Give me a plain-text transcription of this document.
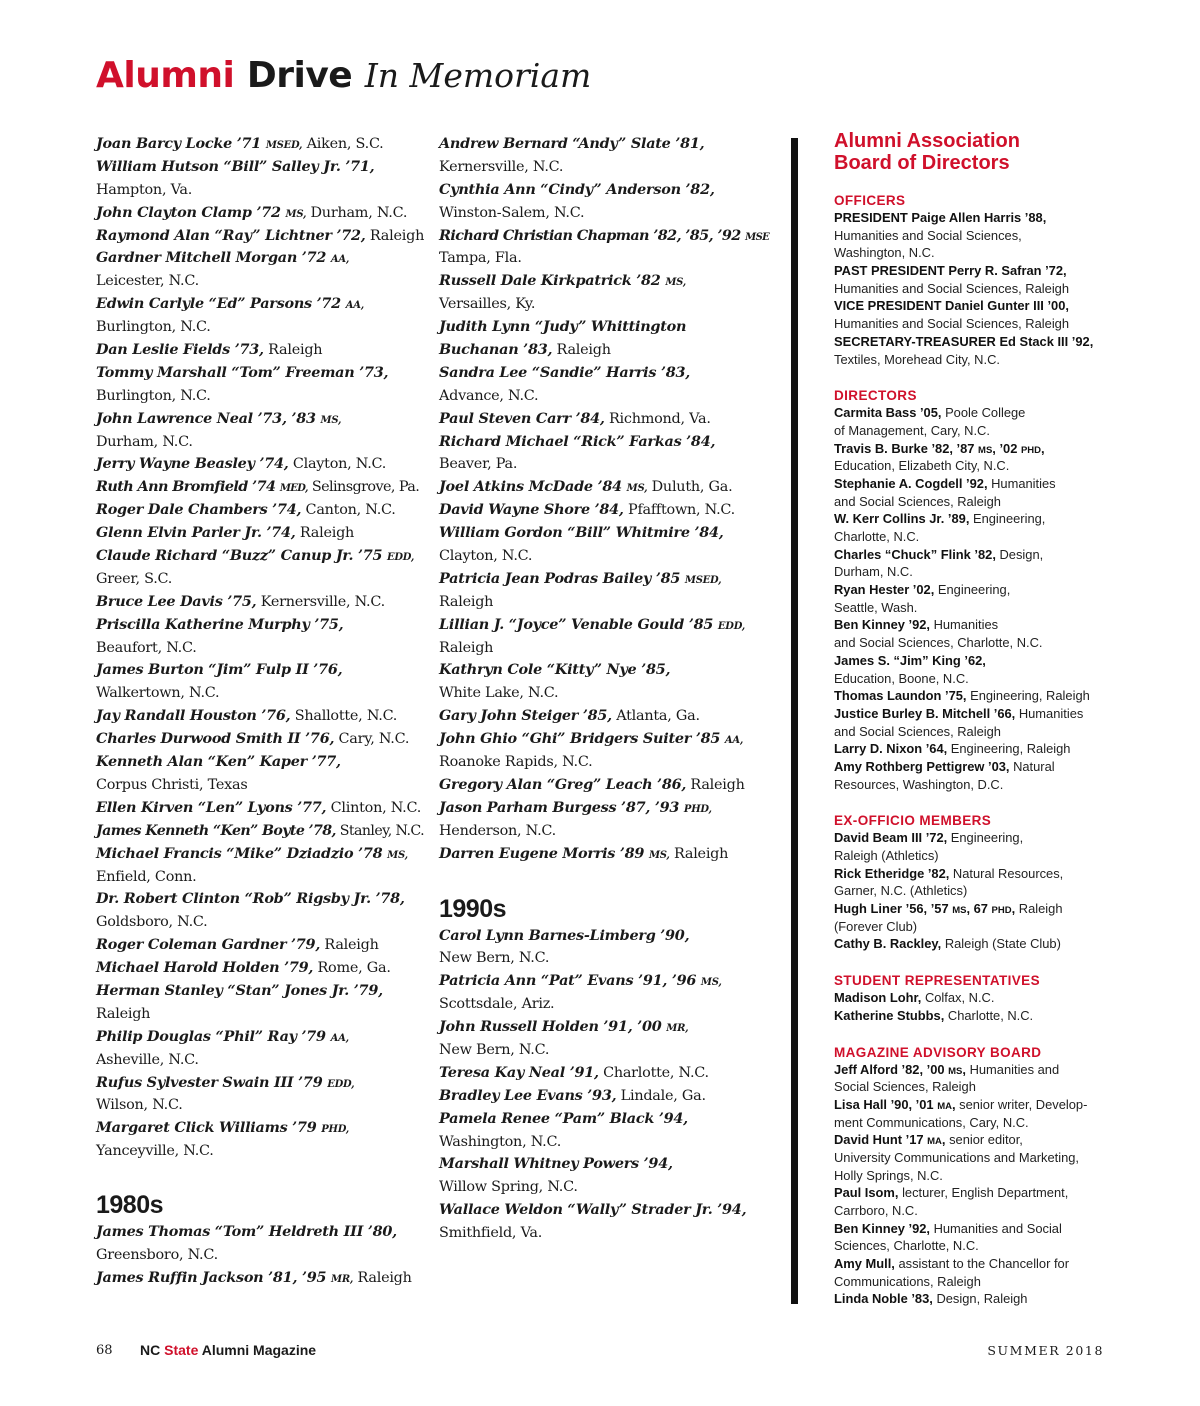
Alumni Drive In Memoriam
Joan Barcy Locke ’71 MSED, Aiken, S.C.
William Hutson “Bill” Salley Jr. ’71,
Hampton, Va.
John Clayton Clamp ’72 MS, Durham, N.C.
Raymond Alan “Ray” Lichtner ’72, Raleigh
Gardner Mitchell Morgan ’72 AA,
Leicester, N.C.
Edwin Carlyle “Ed” Parsons ’72 AA,
Burlington, N.C.
Dan Leslie Fields ’73, Raleigh
Tommy Marshall “Tom” Freeman ’73,
Burlington, N.C.
John Lawrence Neal ’73, ’83 MS,
Durham, N.C.
Jerry Wayne Beasley ’74, Clayton, N.C.
Ruth Ann Bromfield ’74 MED, Selinsgrove, Pa.
Roger Dale Chambers ’74, Canton, N.C.
Glenn Elvin Parler Jr. ’74, Raleigh
Claude Richard “Buzz” Canup Jr. ’75 EDD,
Greer, S.C.
Bruce Lee Davis ’75, Kernersville, N.C.
Priscilla Katherine Murphy ’75,
Beaufort, N.C.
James Burton “Jim” Fulp II ’76,
Walkertown, N.C.
Jay Randall Houston ’76, Shallotte, N.C.
Charles Durwood Smith II ’76, Cary, N.C.
Kenneth Alan “Ken” Kaper ’77,
Corpus Christi, Texas
Ellen Kirven “Len” Lyons ’77, Clinton, N.C.
James Kenneth “Ken” Boyte ’78, Stanley, N.C.
Michael Francis “Mike” Dziadzio ’78 MS,
Enfield, Conn.
Dr. Robert Clinton “Rob” Rigsby Jr. ’78,
Goldsboro, N.C.
Roger Coleman Gardner ’79, Raleigh
Michael Harold Holden ’79, Rome, Ga.
Herman Stanley “Stan” Jones Jr. ’79,
Raleigh
Philip Douglas “Phil” Ray ’79 AA,
Asheville, N.C.
Rufus Sylvester Swain III ’79 EDD,
Wilson, N.C.
Margaret Click Williams ’79 PHD,
Yanceyville, N.C.
1980s
James Thomas “Tom” Heldreth III ’80,
Greensboro, N.C.
James Ruffin Jackson ’81, ’95 MR, Raleigh
Andrew Bernard “Andy” Slate ’81,
Kernersville, N.C.
Cynthia Ann “Cindy” Anderson ’82,
Winston-Salem, N.C.
Richard Christian Chapman ’82, ’85, ’92 MSE
Tampa, Fla.
Russell Dale Kirkpatrick ’82 MS,
Versailles, Ky.
Judith Lynn “Judy” Whittington
Buchanan ’83, Raleigh
Sandra Lee “Sandie” Harris ’83,
Advance, N.C.
Paul Steven Carr ’84, Richmond, Va.
Richard Michael “Rick” Farkas ’84,
Beaver, Pa.
Joel Atkins McDade ’84 MS, Duluth, Ga.
David Wayne Shore ’84, Pfafftown, N.C.
William Gordon “Bill” Whitmire ’84,
Clayton, N.C.
Patricia Jean Podras Bailey ’85 MSED,
Raleigh
Lillian J. “Joyce” Venable Gould ’85 EDD,
Raleigh
Kathryn Cole “Kitty” Nye ’85,
White Lake, N.C.
Gary John Steiger ’85, Atlanta, Ga.
John Ghio “Ghi” Bridgers Suiter ’85 AA,
Roanoke Rapids, N.C.
Gregory Alan “Greg” Leach ’86, Raleigh
Jason Parham Burgess ’87, ’93 PHD,
Henderson, N.C.
Darren Eugene Morris ’89 MS, Raleigh
1990s
Carol Lynn Barnes-Limberg ’90,
New Bern, N.C.
Patricia Ann “Pat” Evans ’91, ’96 MS,
Scottsdale, Ariz.
John Russell Holden ’91, ’00 MR,
New Bern, N.C.
Teresa Kay Neal ’91, Charlotte, N.C.
Bradley Lee Evans ’93, Lindale, Ga.
Pamela Renee “Pam” Black ’94,
Washington, N.C.
Marshall Whitney Powers ’94,
Willow Spring, N.C.
Wallace Weldon “Wally” Strader Jr. ’94,
Smithfield, Va.
Alumni Association
Board of Directors
OFFICERS
PRESIDENT Paige Allen Harris ’88,
Humanities and Social Sciences,
Washington, N.C.
PAST PRESIDENT Perry R. Safran ’72,
Humanities and Social Sciences, Raleigh
VICE PRESIDENT Daniel Gunter III ’00,
Humanities and Social Sciences, Raleigh
SECRETARY-TREASURER Ed Stack III ’92,
Textiles, Morehead City, N.C.
DIRECTORS
Carmita Bass ’05, Poole College
of Management, Cary, N.C.
Travis B. Burke ’82, ’87 MS, ’02 PHD,
Education, Elizabeth City, N.C.
Stephanie A. Cogdell ’92, Humanities
and Social Sciences, Raleigh
W. Kerr Collins Jr. ’89, Engineering,
Charlotte, N.C.
Charles “Chuck” Flink ’82, Design,
Durham, N.C.
Ryan Hester ’02, Engineering,
Seattle, Wash.
Ben Kinney ’92, Humanities
and Social Sciences, Charlotte, N.C.
James S. “Jim” King ’62,
Education, Boone, N.C.
Thomas Laundon ’75, Engineering, Raleigh
Justice Burley B. Mitchell ’66, Humanities
and Social Sciences, Raleigh
Larry D. Nixon ’64, Engineering, Raleigh
Amy Rothberg Pettigrew ’03, Natural
Resources, Washington, D.C.
EX-OFFICIO MEMBERS
David Beam III ’72, Engineering,
Raleigh (Athletics)
Rick Etheridge ’82, Natural Resources,
Garner, N.C. (Athletics)
Hugh Liner ’56, ’57 MS, 67 PHD, Raleigh
(Forever Club)
Cathy B. Rackley, Raleigh (State Club)
STUDENT REPRESENTATIVES
Madison Lohr, Colfax, N.C.
Katherine Stubbs, Charlotte, N.C.
MAGAZINE ADVISORY BOARD
Jeff Alford ’82, ’00 MS, Humanities and
Social Sciences, Raleigh
Lisa Hall ’90, ’01 MA, senior writer, Develop-
ment Communications, Cary, N.C.
David Hunt ’17 MA, senior editor,
University Communications and Marketing,
Holly Springs, N.C.
Paul Isom, lecturer, English Department,
Carrboro, N.C.
Ben Kinney ’92, Humanities and Social
Sciences, Charlotte, N.C.
Amy Mull, assistant to the Chancellor for
Communications, Raleigh
Linda Noble ’83, Design, Raleigh
68 NC State Alumni Magazine	SUMMER 2018
